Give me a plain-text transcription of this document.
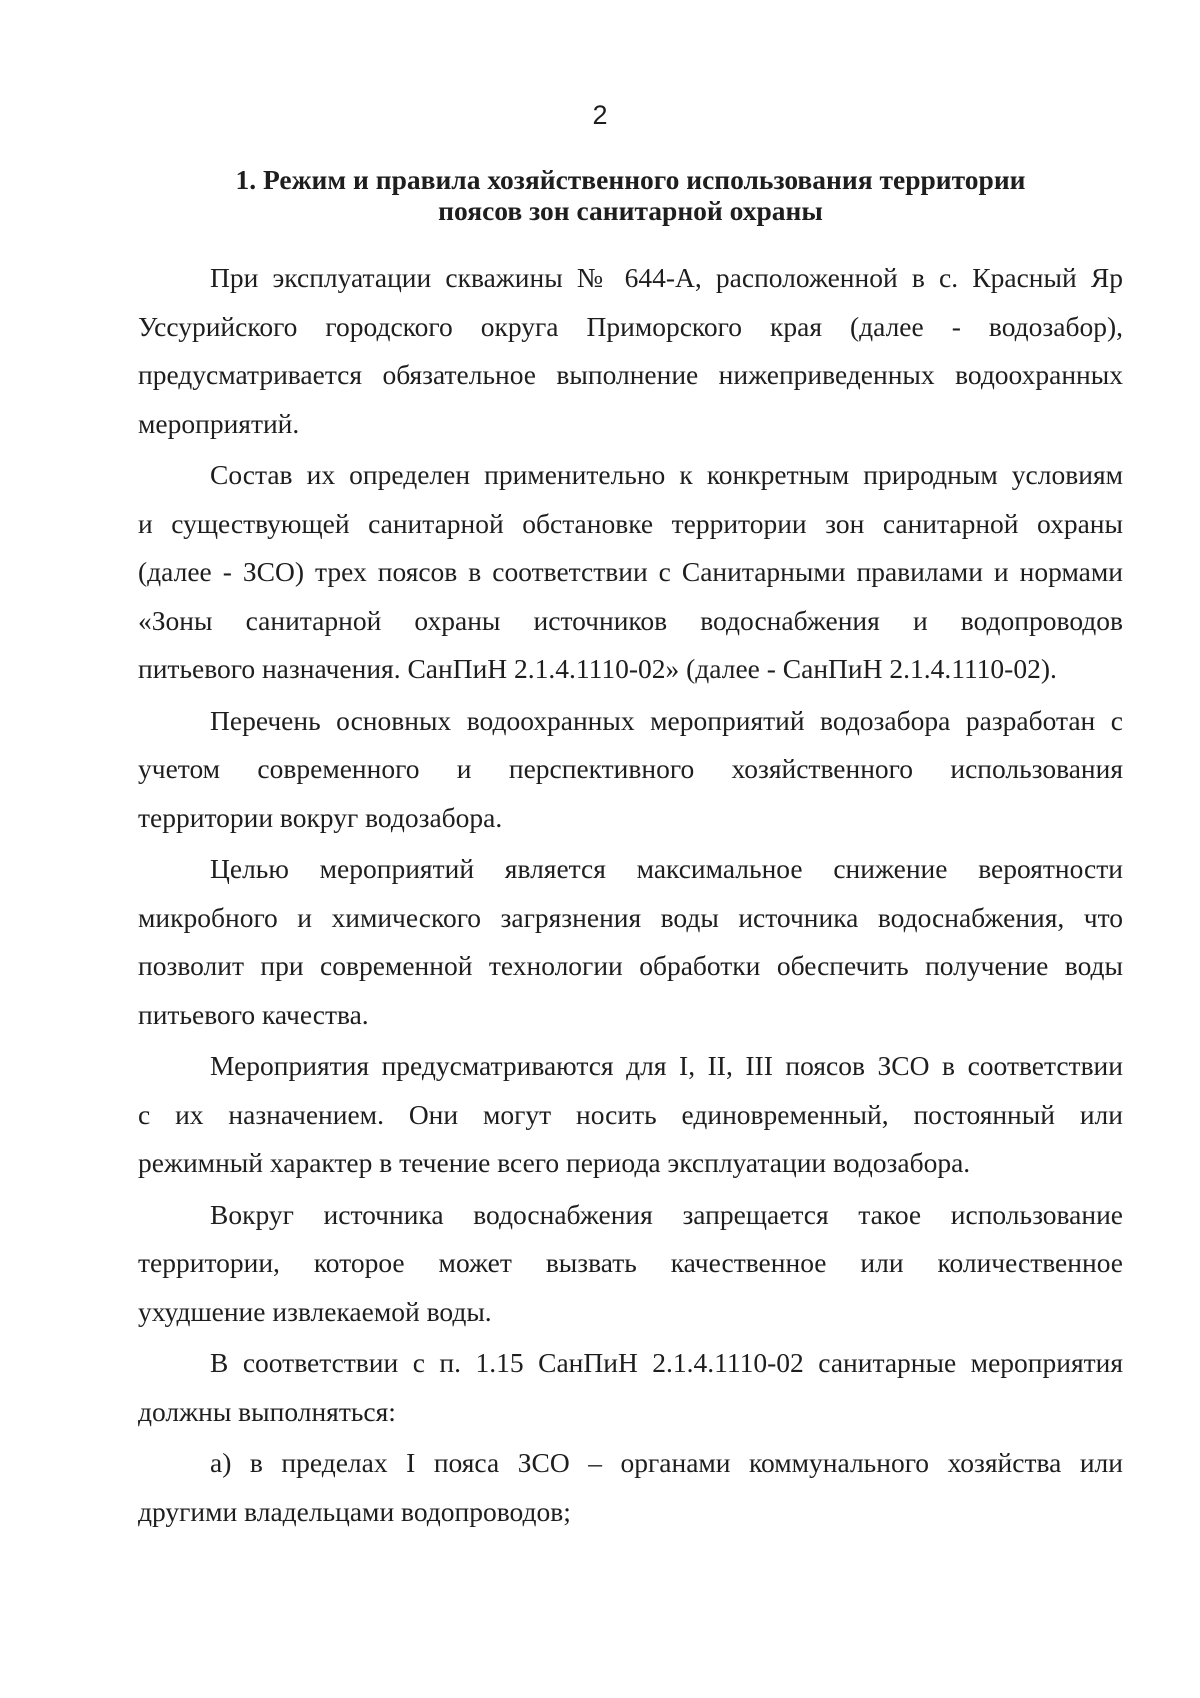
2
1. Режим и правила хозяйственного использования территории
поясов зон санитарной охраны
При эксплуатации скважины № 644-А, расположенной в с. Красный Яр
Уссурийского городского округа Приморского края (далее - водозабор),
предусматривается обязательное выполнение нижеприведенных водоохранных
мероприятий.
Состав их определен применительно к конкретным природным условиям
и существующей санитарной обстановке территории зон санитарной охраны
(далее - ЗСО) трех поясов в соответствии с Санитарными правилами и нормами
«Зоны санитарной охраны источников водоснабжения и водопроводов
питьевого назначения. СанПиН 2.1.4.1110-02» (далее - СанПиН 2.1.4.1110-02).
Перечень основных водоохранных мероприятий водозабора разработан с
учетом современного и перспективного хозяйственного использования
территории вокруг водозабора.
Целью мероприятий является максимальное снижение вероятности
микробного и химического загрязнения воды источника водоснабжения, что
позволит при современной технологии обработки обеспечить получение воды
питьевого качества.
Мероприятия предусматриваются для I, II, III поясов ЗСО в соответствии
с их назначением. Они могут носить единовременный, постоянный или
режимный характер в течение всего периода эксплуатации водозабора.
Вокруг источника водоснабжения запрещается такое использование
территории, которое может вызвать качественное или количественное
ухудшение извлекаемой воды.
В соответствии с п. 1.15 СанПиН 2.1.4.1110-02 санитарные мероприятия
должны выполняться:
а) в пределах I пояса ЗСО – органами коммунального хозяйства или
другими владельцами водопроводов;
